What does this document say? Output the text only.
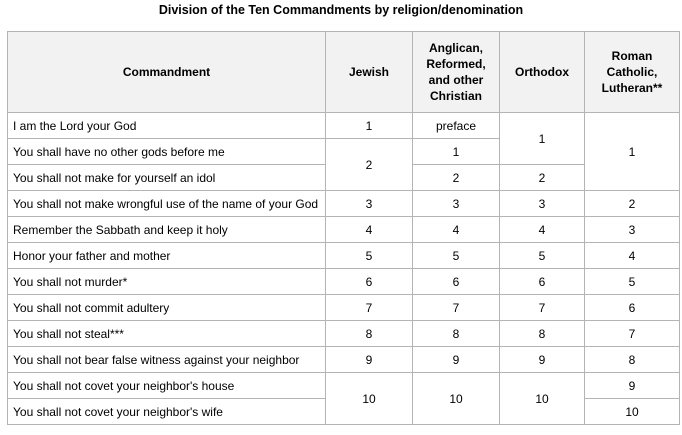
Division of the Ten Commandments by religion/denomination
Commandment	Jewish	Anglican,
Reformed,
and other
Christian	Orthodox	Roman
Catholic,
Lutheran**
I am the Lord your God	1	preface	1	1
You shall have no other gods before me	2	1		
You shall not make for yourself an idol		2	2	
You shall not make wrongful use of the name of your God	3	3	3	2
Remember the Sabbath and keep it holy	4	4	4	3
Honor your father and mother	5	5	5	4
You shall not murder*	6	6	6	5
You shall not commit adultery	7	7	7	6
You shall not steal***	8	8	8	7
You shall not bear false witness against your neighbor	9	9	9	8
You shall not covet your neighbor's house	10	10	10	9
You shall not covet your neighbor's wife				10
